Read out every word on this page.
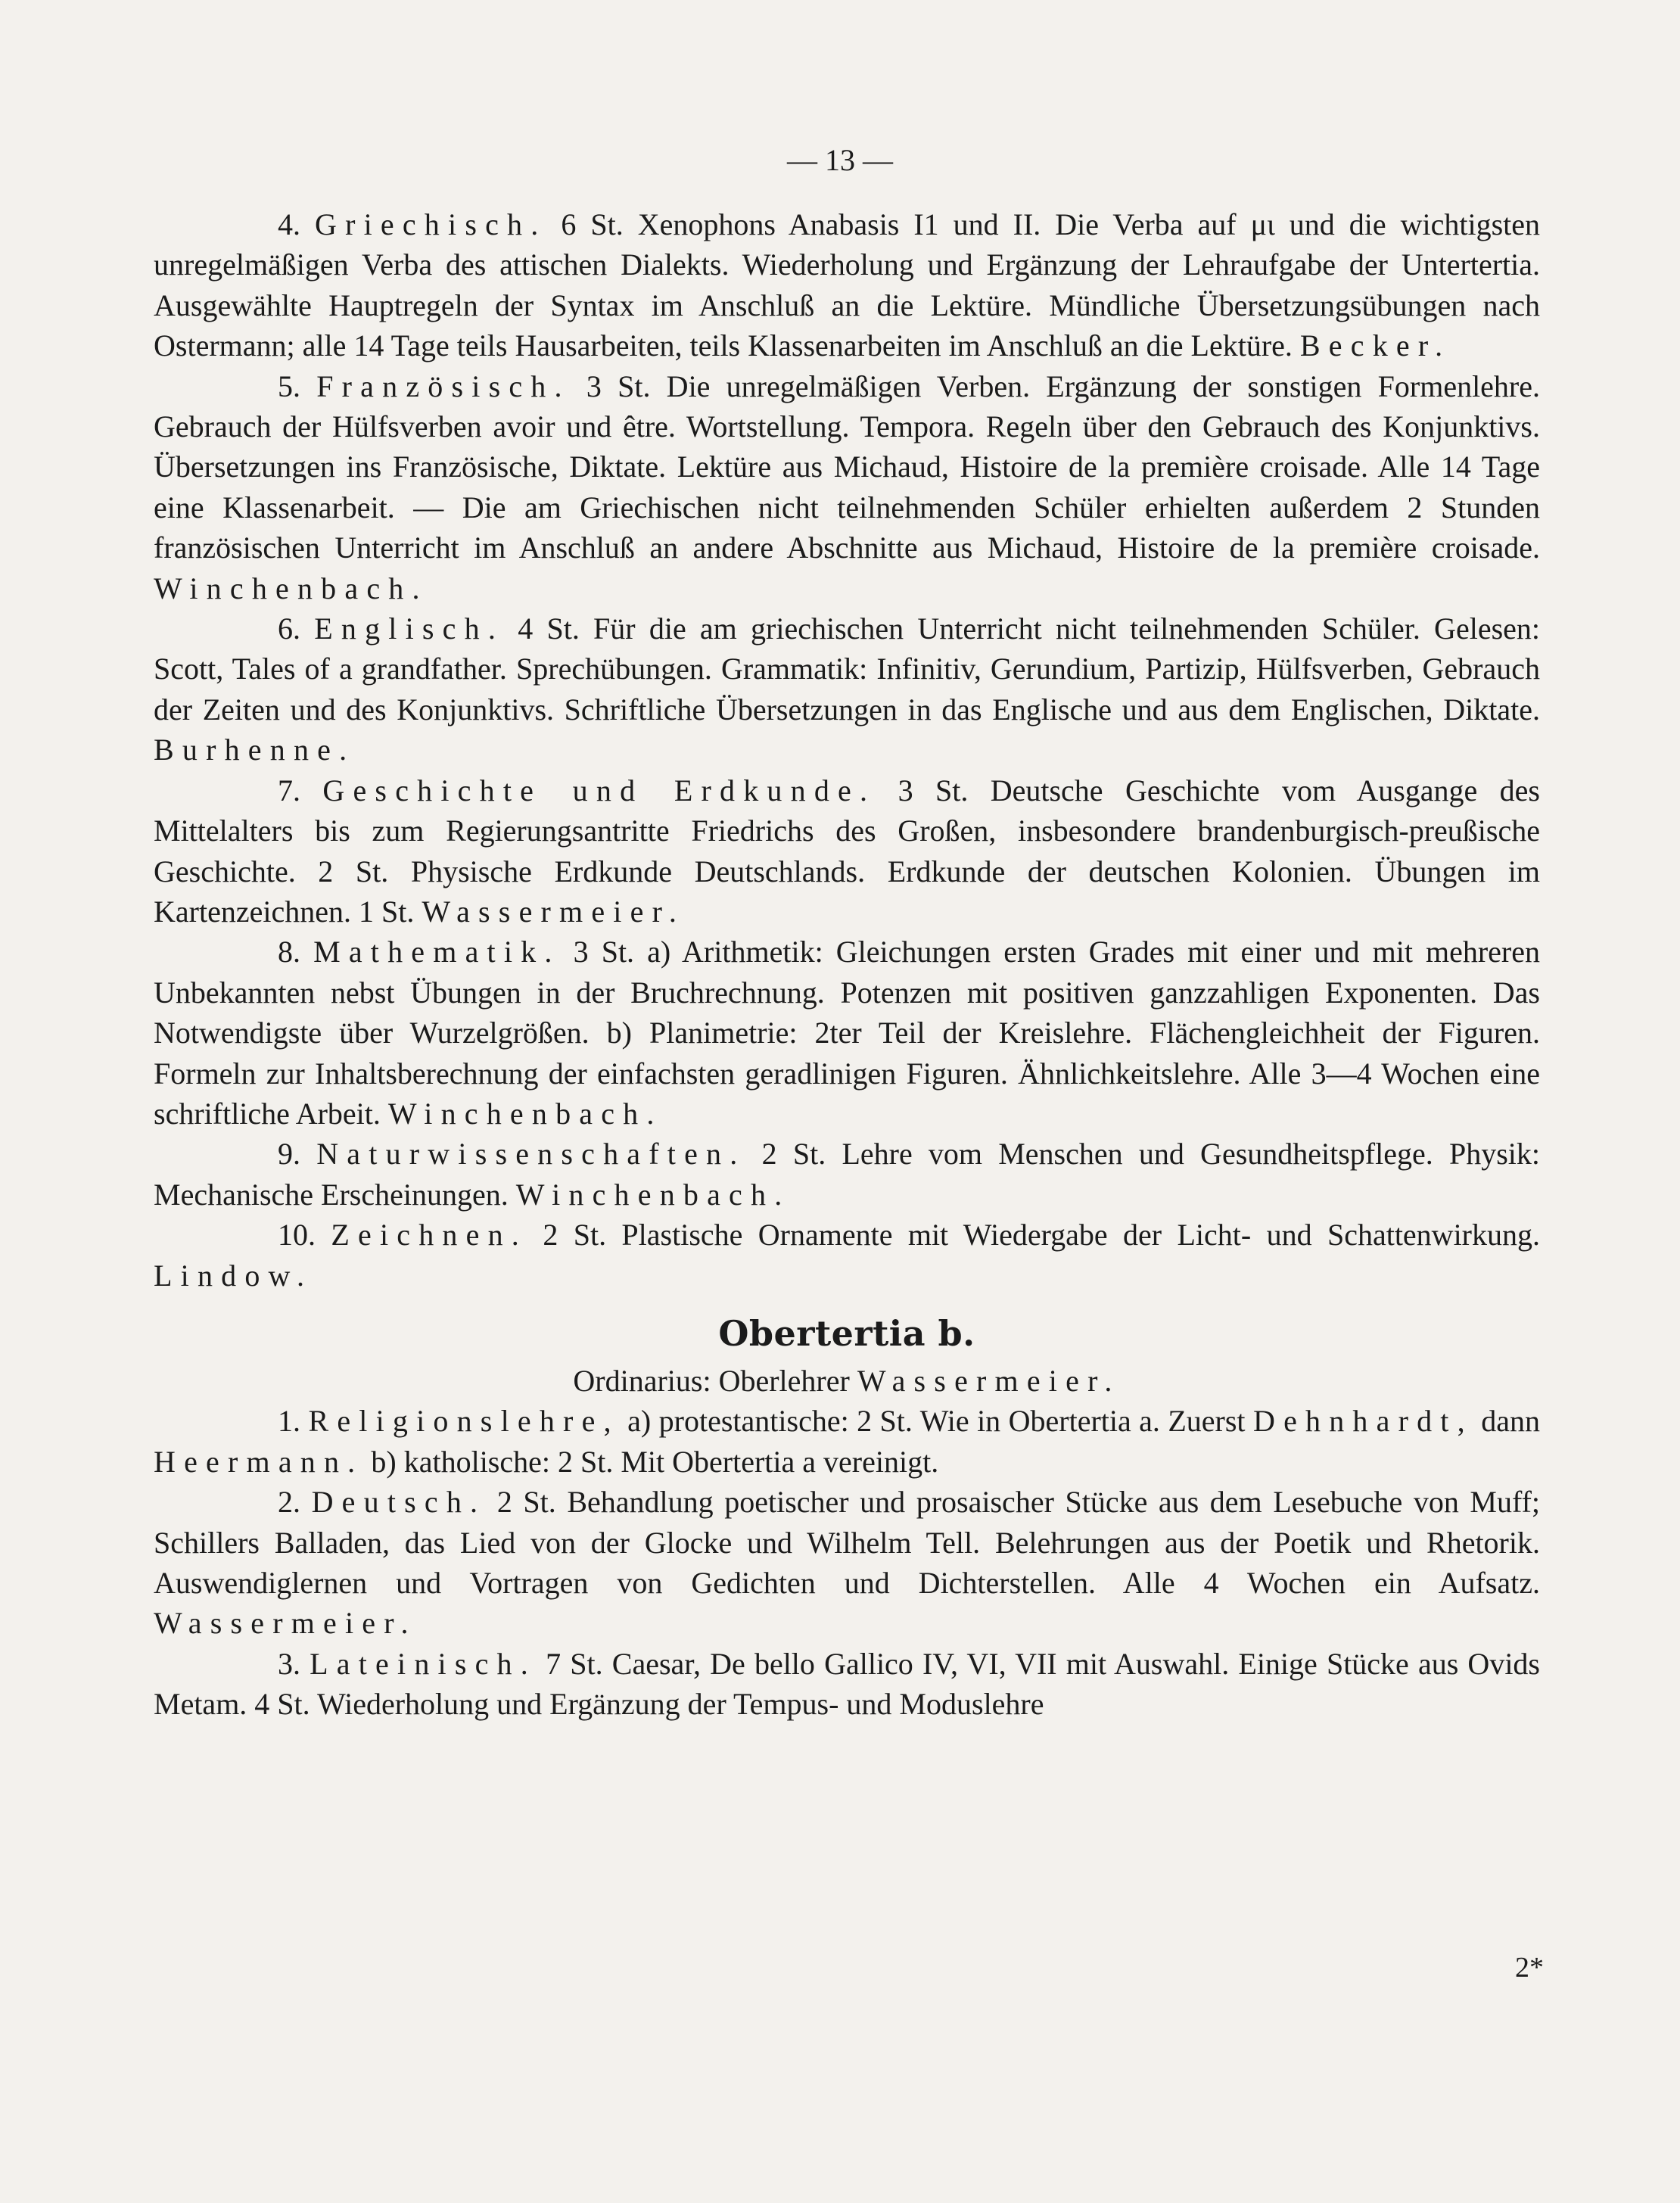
— 13 —

4. Griechisch. 6 St. Xenophons Anabasis I1 und II. Die Verba auf μι und die wichtigsten unregelmäßigen Verba des attischen Dialekts. Wiederholung und Ergänzung der Lehraufgabe der Untertertia. Ausgewählte Hauptregeln der Syntax im Anschluß an die Lektüre. Mündliche Übersetzungsübungen nach Ostermann; alle 14 Tage teils Hausarbeiten, teils Klassenarbeiten im Anschluß an die Lektüre. Becker.

5. Französisch. 3 St. Die unregelmäßigen Verben. Ergänzung der sonstigen Formenlehre. Gebrauch der Hülfsverben avoir und être. Wortstellung. Tempora. Regeln über den Gebrauch des Konjunktivs. Übersetzungen ins Französische, Diktate. Lektüre aus Michaud, Histoire de la première croisade. Alle 14 Tage eine Klassenarbeit. — Die am Griechischen nicht teilnehmenden Schüler erhielten außerdem 2 Stunden französischen Unterricht im Anschluß an andere Abschnitte aus Michaud, Histoire de la première croisade. Winchenbach.

6. Englisch. 4 St. Für die am griechischen Unterricht nicht teilnehmenden Schüler. Gelesen: Scott, Tales of a grandfather. Sprechübungen. Grammatik: Infinitiv, Gerundium, Partizip, Hülfsverben, Gebrauch der Zeiten und des Konjunktivs. Schriftliche Übersetzungen in das Englische und aus dem Englischen, Diktate. Burhenne.

7. Geschichte und Erdkunde. 3 St. Deutsche Geschichte vom Ausgange des Mittelalters bis zum Regierungsantritte Friedrichs des Großen, insbesondere brandenburgisch-preußische Geschichte. 2 St. Physische Erdkunde Deutschlands. Erdkunde der deutschen Kolonien. Übungen im Kartenzeichnen. 1 St. Wassermeier.

8. Mathematik. 3 St. a) Arithmetik: Gleichungen ersten Grades mit einer und mit mehreren Unbekannten nebst Übungen in der Bruchrechnung. Potenzen mit positiven ganzzahligen Exponenten. Das Notwendigste über Wurzelgrößen. b) Planimetrie: 2ter Teil der Kreislehre. Flächengleichheit der Figuren. Formeln zur Inhaltsberechnung der einfachsten geradlinigen Figuren. Ähnlichkeitslehre. Alle 3—4 Wochen eine schriftliche Arbeit. Winchenbach.

9. Naturwissenschaften. 2 St. Lehre vom Menschen und Gesundheitspflege. Physik: Mechanische Erscheinungen. Winchenbach.

10. Zeichnen. 2 St. Plastische Ornamente mit Wiedergabe der Licht- und Schattenwirkung. Lindow.

Obertertia b.

Ordinarius: Oberlehrer Wassermeier.

1. Religionslehre, a) protestantische: 2 St. Wie in Obertertia a. Zuerst Dehnhardt, dann Heermann. b) katholische: 2 St. Mit Obertertia a vereinigt.

2. Deutsch. 2 St. Behandlung poetischer und prosaischer Stücke aus dem Lesebuche von Muff; Schillers Balladen, das Lied von der Glocke und Wilhelm Tell. Belehrungen aus der Poetik und Rhetorik. Auswendiglernen und Vortragen von Gedichten und Dichterstellen. Alle 4 Wochen ein Aufsatz. Wassermeier.

3. Lateinisch. 7 St. Caesar, De bello Gallico IV, VI, VII mit Auswahl. Einige Stücke aus Ovids Metam. 4 St. Wiederholung und Ergänzung der Tempus- und Moduslehre

2*
